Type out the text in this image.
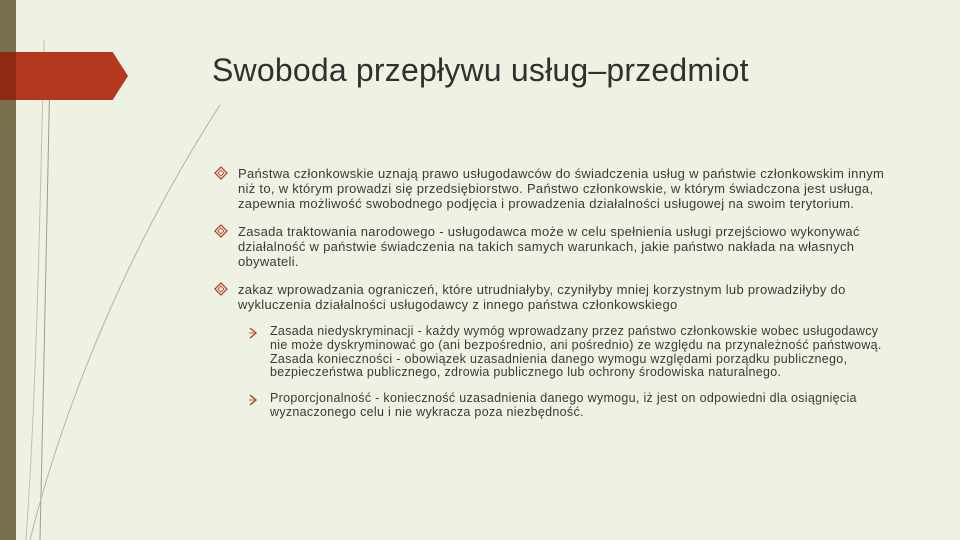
Swoboda przepływu usług–przedmiot
Państwa członkowskie uznają prawo usługodawców do świadczenia usług w państwie członkowskim innym niż to, w którym prowadzi się przedsiębiorstwo. Państwo członkowskie, w którym świadczona jest usługa, zapewnia możliwość swobodnego podjęcia i prowadzenia działalności usługowej na swoim terytorium.
Zasada traktowania narodowego - usługodawca może w celu spełnienia usługi przejściowo wykonywać działalność w państwie świadczenia na takich samych warunkach, jakie państwo nakłada na własnych obywateli.
zakaz wprowadzania ograniczeń, które utrudniałyby, czyniłyby mniej korzystnym lub prowadziłyby do wykluczenia działalności usługodawcy z innego państwa członkowskiego
Zasada niedyskryminacji - każdy wymóg wprowadzany przez państwo członkowskie wobec usługodawcy nie może dyskryminować go (ani bezpośrednio, ani pośrednio) ze względu na przynależność państwową. Zasada konieczności - obowiązek uzasadnienia danego wymogu względami porządku publicznego, bezpieczeństwa publicznego, zdrowia publicznego lub ochrony środowiska naturalnego.
Proporcjonalność - konieczność uzasadnienia danego wymogu, iż jest on odpowiedni dla osiągnięcia wyznaczonego celu i nie wykracza poza niezbędność.
